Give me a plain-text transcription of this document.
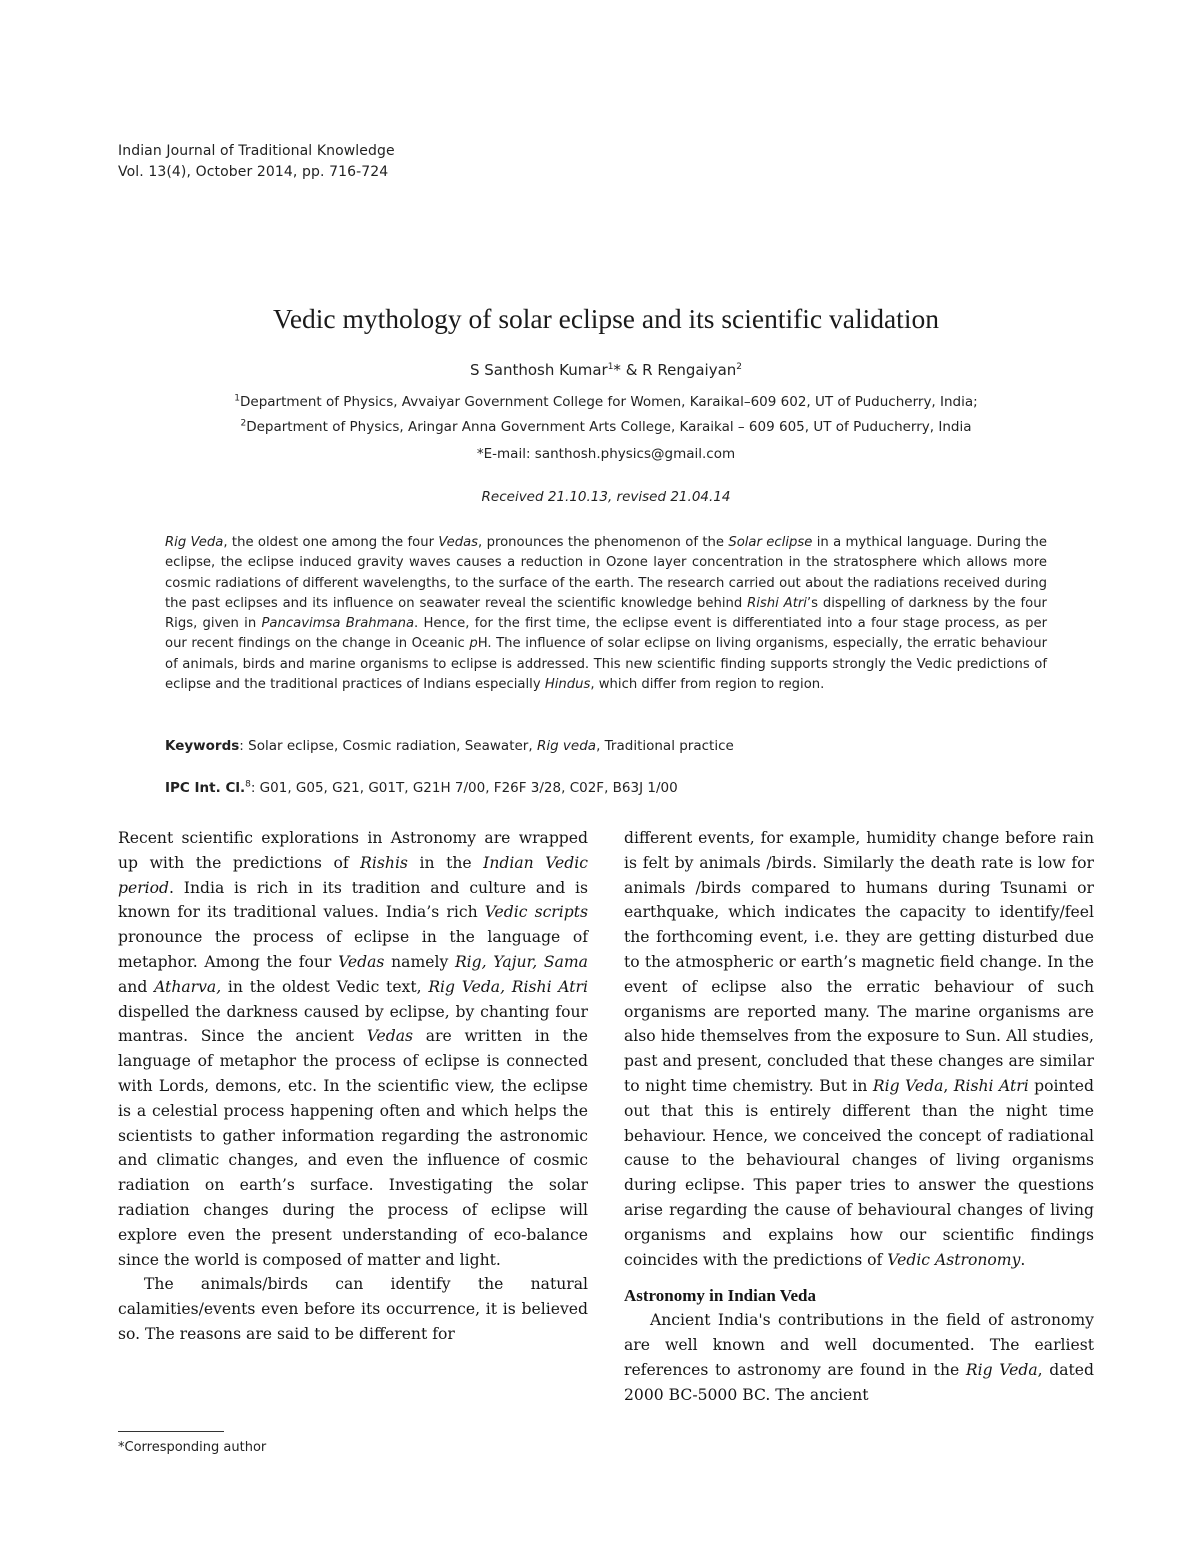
Indian Journal of Traditional Knowledge
Vol. 13(4), October 2014, pp. 716-724
Vedic mythology of solar eclipse and its scientific validation
S Santhosh Kumar$^1$* & R Rengaiyan$^2$
$^1$Department of Physics, Avvaiyar Government College for Women, Karaikal–609 602, UT of Puducherry, India;
$^2$Department of Physics, Aringar Anna Government Arts College, Karaikal – 609 605, UT of Puducherry, India
*E-mail: santhosh.physics@gmail.com
Received 21.10.13, revised 21.04.14

Rig Veda, the oldest one among the four Vedas, pronounces the phenomenon of the Solar eclipse in a mythical language. During the eclipse, the eclipse induced gravity waves causes a reduction in Ozone layer concentration in the stratosphere which allows more cosmic radiations of different wavelengths, to the surface of the earth. The research carried out about the radiations received during the past eclipses and its influence on seawater reveal the scientific knowledge behind Rishi Atri’s dispelling of darkness by the four Rigs, given in Pancavimsa Brahmana. Hence, for the first time, the eclipse event is differentiated into a four stage process, as per our recent findings on the change in Oceanic pH. The influence of solar eclipse on living organisms, especially, the erratic behaviour of animals, birds and marine organisms to eclipse is addressed. This new scientific finding supports strongly the Vedic predictions of eclipse and the traditional practices of Indians especially Hindus, which differ from region to region.

Keywords: Solar eclipse, Cosmic radiation, Seawater, Rig veda, Traditional practice
IPC Int. Cl.$^8$: G01, G05, G21, G01T, G21H 7/00, F26F 3/28, C02F, B63J 1/00

Recent scientific explorations in Astronomy are wrapped up with the predictions of Rishis in the Indian Vedic period. India is rich in its tradition and culture and is known for its traditional values. India’s rich Vedic scripts pronounce the process of eclipse in the language of metaphor. Among the four Vedas namely Rig, Yajur, Sama and Atharva, in the oldest Vedic text, Rig Veda, Rishi Atri dispelled the darkness caused by eclipse, by chanting four mantras. Since the ancient Vedas are written in the language of metaphor the process of eclipse is connected with Lords, demons, etc. In the scientific view, the eclipse is a celestial process happening often and which helps the scientists to gather information regarding the astronomic and climatic changes, and even the influence of cosmic radiation on earth’s surface. Investigating the solar radiation changes during the process of eclipse will explore even the present understanding of eco-balance since the world is composed of matter and light.

The animals/birds can identify the natural calamities/events even before its occurrence, it is believed so. The reasons are said to be different for

different events, for example, humidity change before rain is felt by animals /birds. Similarly the death rate is low for animals /birds compared to humans during Tsunami or earthquake, which indicates the capacity to identify/feel the forthcoming event, i.e. they are getting disturbed due to the atmospheric or earth’s magnetic field change. In the event of eclipse also the erratic behaviour of such organisms are reported many. The marine organisms are also hide themselves from the exposure to Sun. All studies, past and present, concluded that these changes are similar to night time chemistry. But in Rig Veda, Rishi Atri pointed out that this is entirely different than the night time behaviour. Hence, we conceived the concept of radiational cause to the behavioural changes of living organisms during eclipse. This paper tries to answer the questions arise regarding the cause of behavioural changes of living organisms and explains how our scientific findings coincides with the predictions of Vedic Astronomy.

Astronomy in Indian Veda

Ancient India's contributions in the field of astronomy are well known and well documented. The earliest references to astronomy are found in the Rig Veda, dated 2000 BC-5000 BC. The ancient

*Corresponding author
